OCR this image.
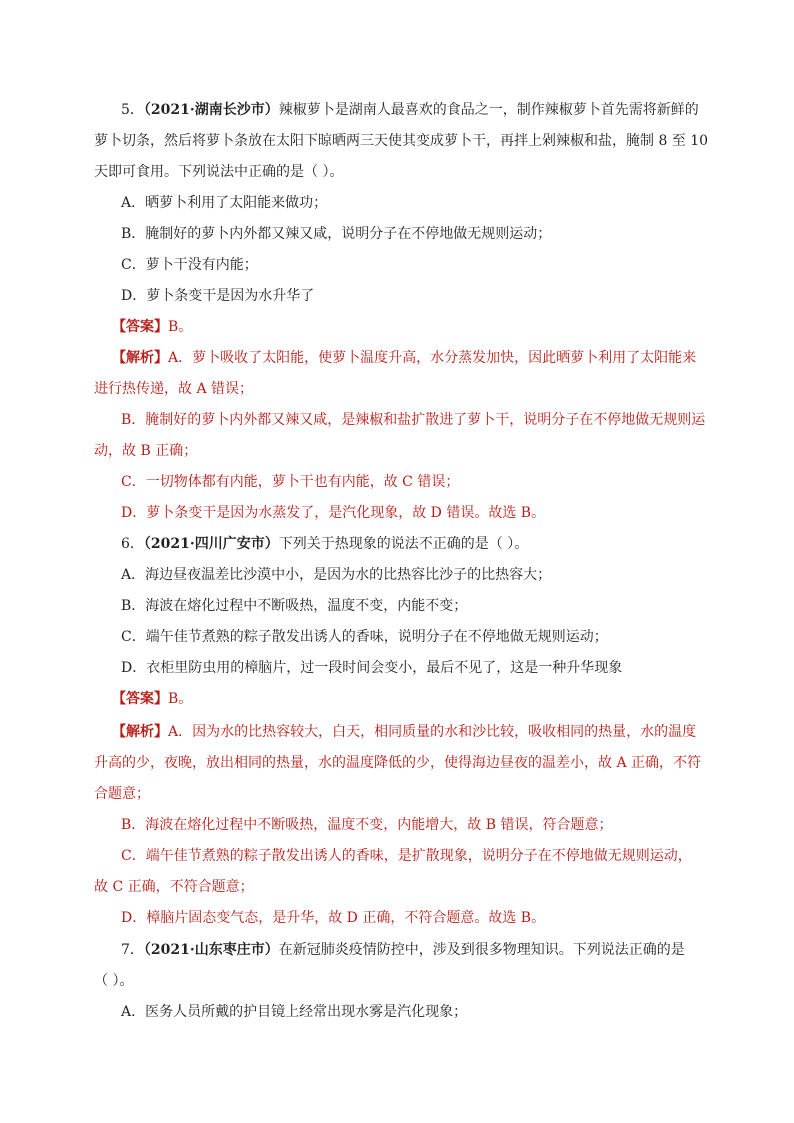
5．（2021·湖南长沙市）辣椒萝卜是湖南人最喜欢的食品之一，制作辣椒萝卜首先需将新鲜的
萝卜切条，然后将萝卜条放在太阳下晾晒两三天使其变成萝卜干，再拌上剁辣椒和盐，腌制 8 至 10
天即可食用。下列说法中正确的是（ ）。
A．晒萝卜利用了太阳能来做功；
B．腌制好的萝卜内外都又辣又咸，说明分子在不停地做无规则运动；
C．萝卜干没有内能；
D．萝卜条变干是因为水升华了
【答案】B。
【解析】A．萝卜吸收了太阳能，使萝卜温度升高，水分蒸发加快，因此晒萝卜利用了太阳能来
进行热传递，故 A 错误；
B．腌制好的萝卜内外都又辣又咸，是辣椒和盐扩散进了萝卜干，说明分子在不停地做无规则运
动，故 B 正确；
C．一切物体都有内能，萝卜干也有内能，故 C 错误；
D．萝卜条变干是因为水蒸发了，是汽化现象，故 D 错误。故选 B。
6．（2021·四川广安市）下列关于热现象的说法不正确的是（ ）。
A．海边昼夜温差比沙漠中小，是因为水的比热容比沙子的比热容大；
B．海波在熔化过程中不断吸热，温度不变，内能不变；
C．端午佳节煮熟的粽子散发出诱人的香味，说明分子在不停地做无规则运动；
D．衣柜里防虫用的樟脑片，过一段时间会变小，最后不见了，这是一种升华现象
【答案】B。
【解析】A．因为水的比热容较大，白天，相同质量的水和沙比较，吸收相同的热量，水的温度
升高的少，夜晚，放出相同的热量，水的温度降低的少，使得海边昼夜的温差小，故 A 正确，不符
合题意；
B．海波在熔化过程中不断吸热，温度不变，内能增大，故 B 错误，符合题意；
C．端午佳节煮熟的粽子散发出诱人的香味，是扩散现象，说明分子在不停地做无规则运动，
故 C 正确，不符合题意；
D．樟脑片固态变气态，是升华，故 D 正确，不符合题意。故选 B。
7．（2021·山东枣庄市）在新冠肺炎疫情防控中，涉及到很多物理知识。下列说法正确的是
（ ）。
A．医务人员所戴的护目镜上经常出现水雾是汽化现象；
